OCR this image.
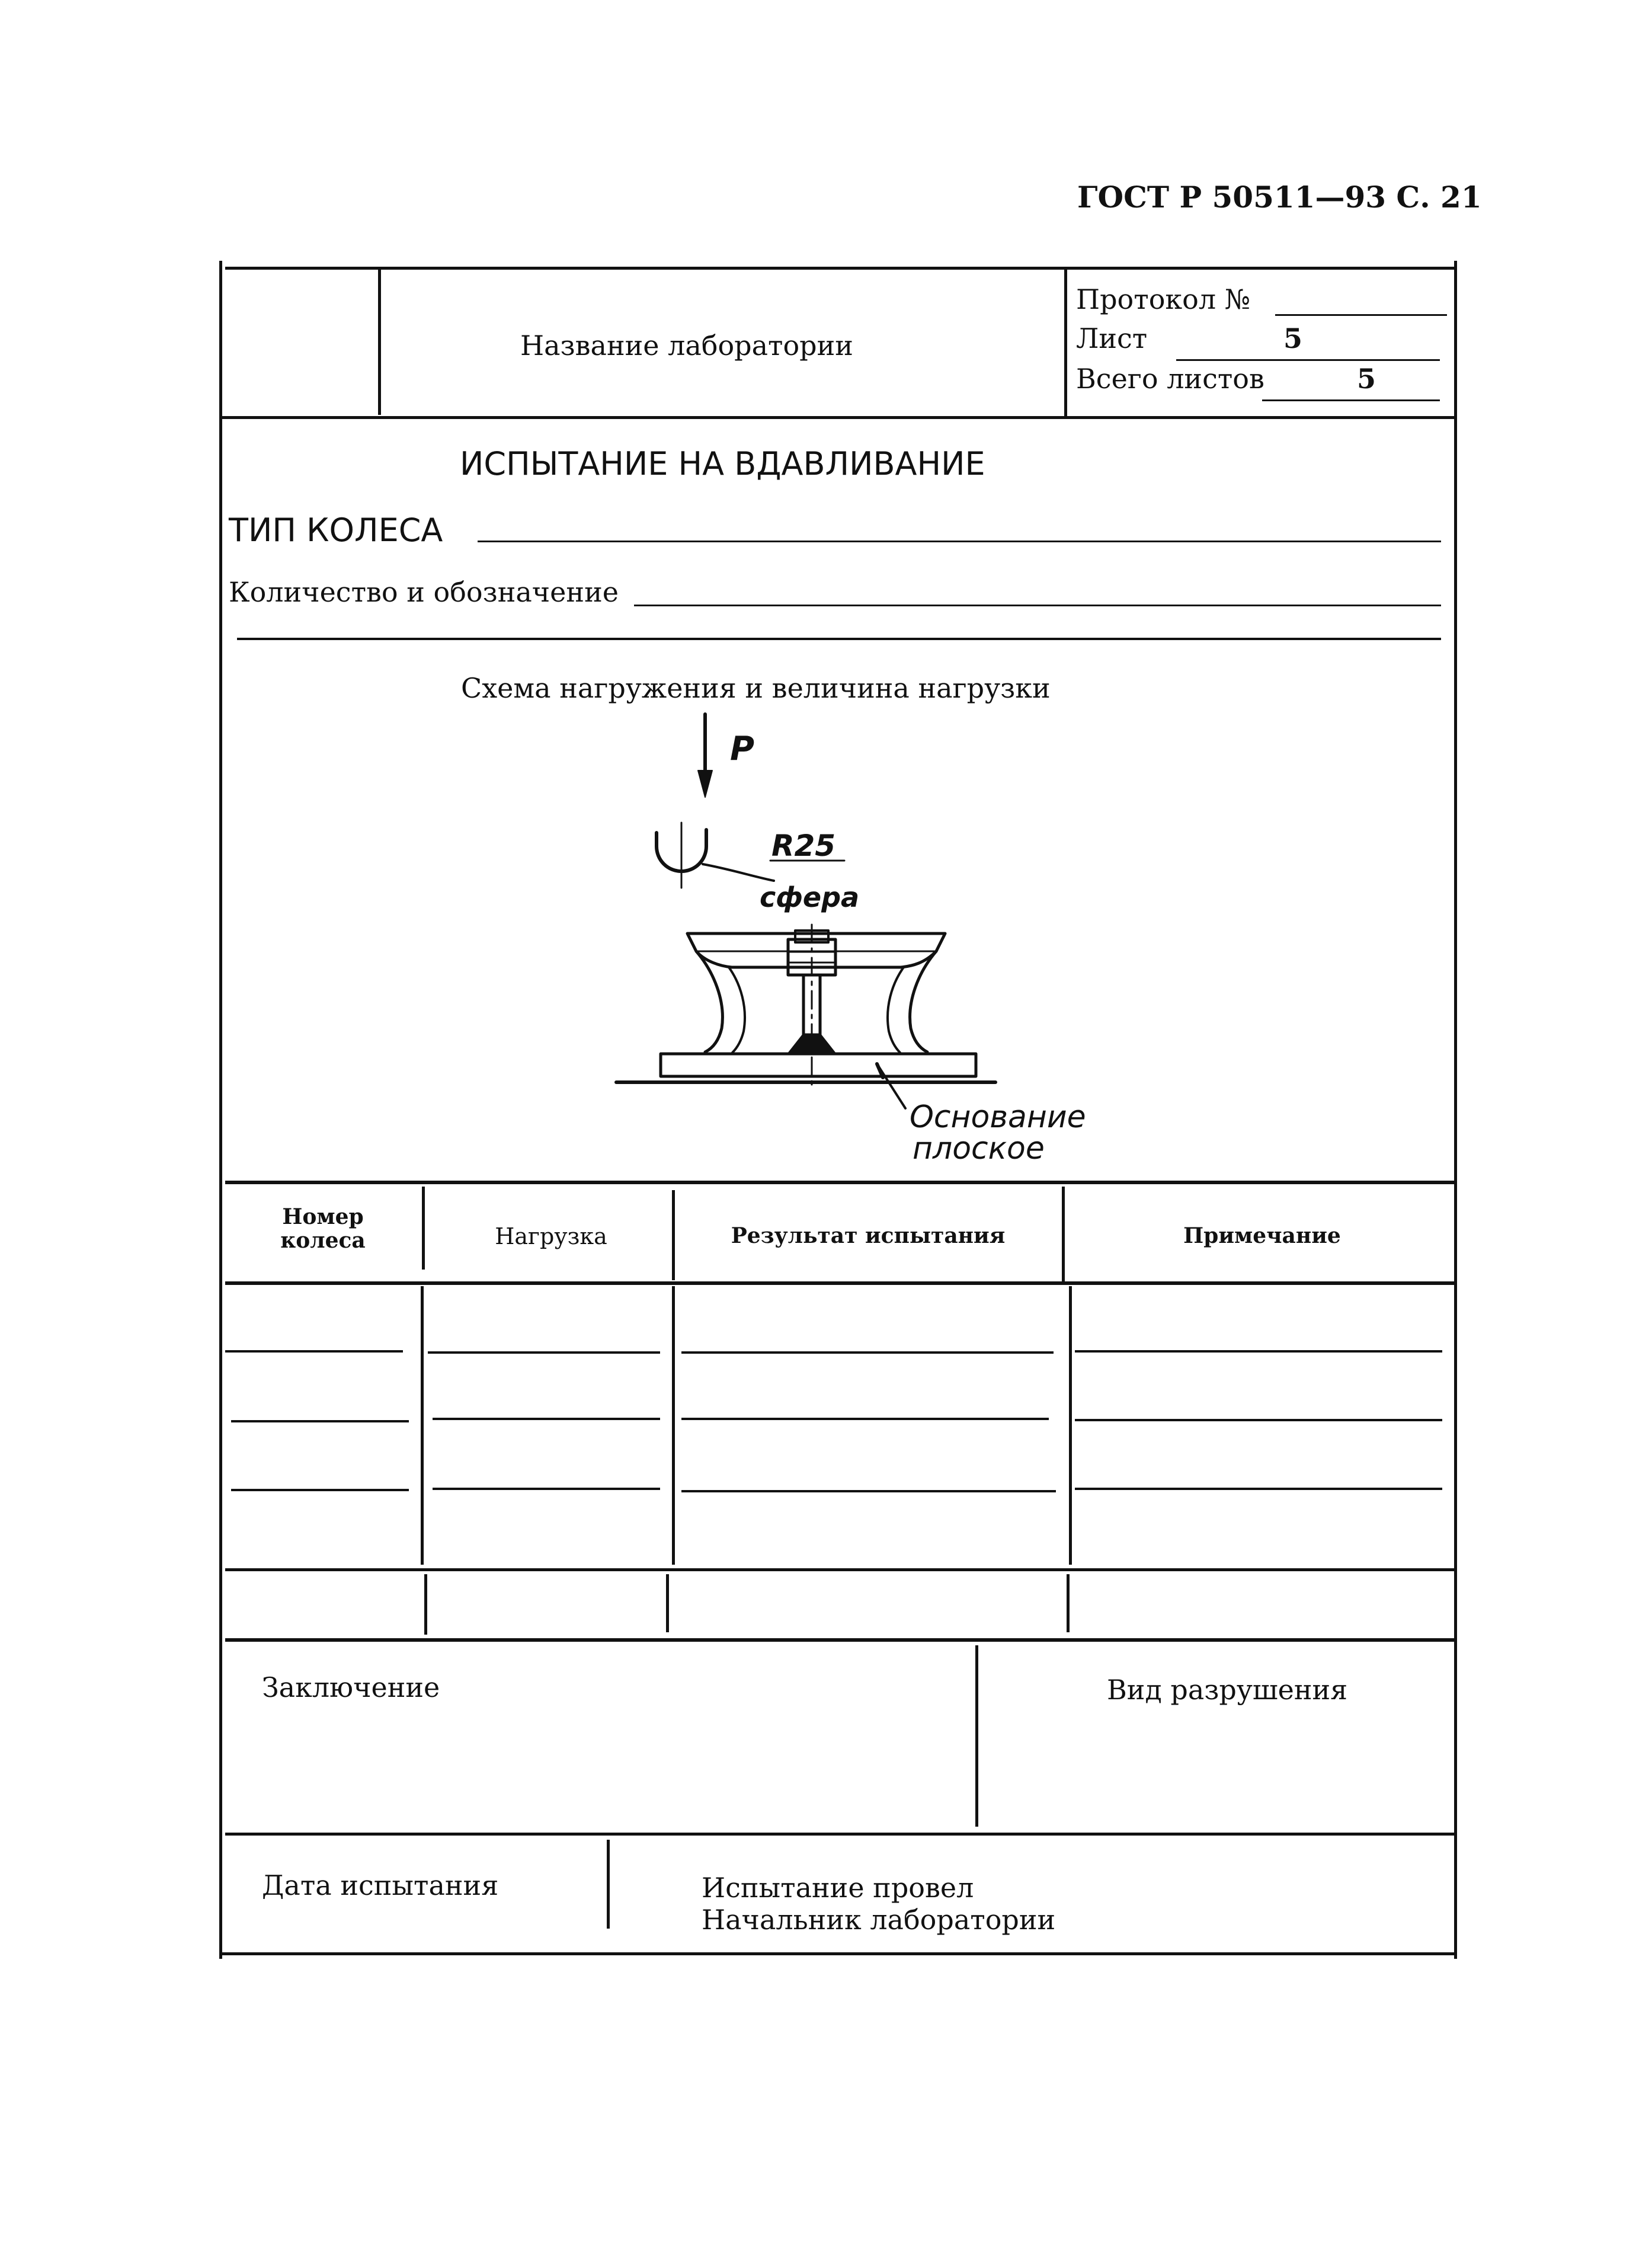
ГОСТ Р 50511—93 С. 21
Название лаборатории
Протокол №
Лист	5
Всего листов	5
ИСПЫТАНИЕ НА ВДАВЛИВАНИЕ
ТИП КОЛЕСА
Количество и обозначение
Схема нагружения и величина нагрузки
P
R25
сфера
Основание
плоское
Номер колеса	Нагрузка	Результат испытания	Примечание
Заключение	Вид разрушения
Дата испытания	Испытание провел
Начальник лаборатории
